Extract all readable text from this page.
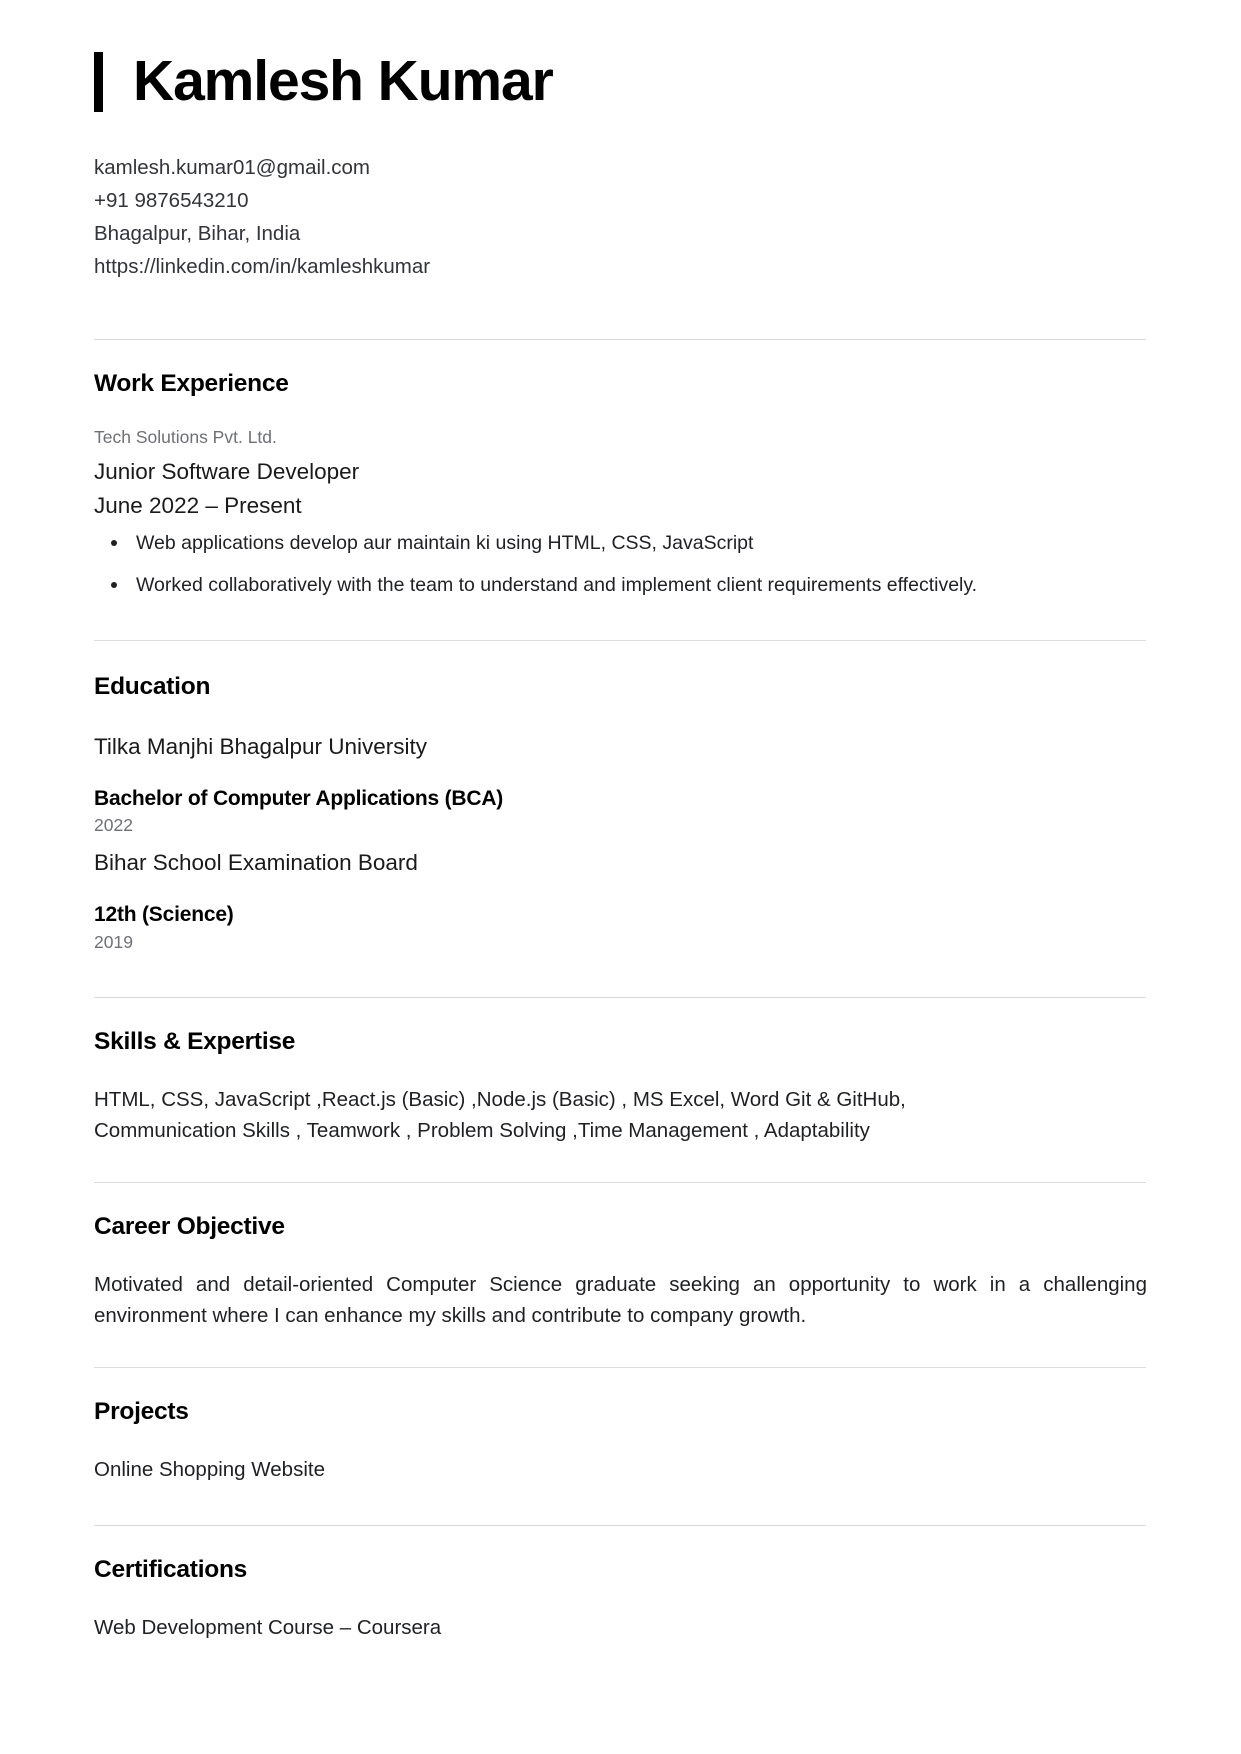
Kamlesh Kumar
kamlesh.kumar01@gmail.com
+91 9876543210
Bhagalpur, Bihar, India
https://linkedin.com/in/kamleshkumar
Work Experience
Tech Solutions Pvt. Ltd.
Junior Software Developer
June 2022 – Present
Web applications develop aur maintain ki using HTML, CSS, JavaScript
Worked collaboratively with the team to understand and implement client requirements effectively.
Education
Tilka Manjhi Bhagalpur University
Bachelor of Computer Applications (BCA)
2022
Bihar School Examination Board
12th (Science)
2019
Skills & Expertise
HTML, CSS, JavaScript ,React.js (Basic) ,Node.js (Basic) , MS Excel, Word Git & GitHub,
Communication Skills , Teamwork , Problem Solving ,Time Management , Adaptability
Career Objective
Motivated and detail-oriented Computer Science graduate seeking an opportunity to work in a challenging environment where I can enhance my skills and contribute to company growth.
Projects
Online Shopping Website
Certifications
Web Development Course – Coursera
